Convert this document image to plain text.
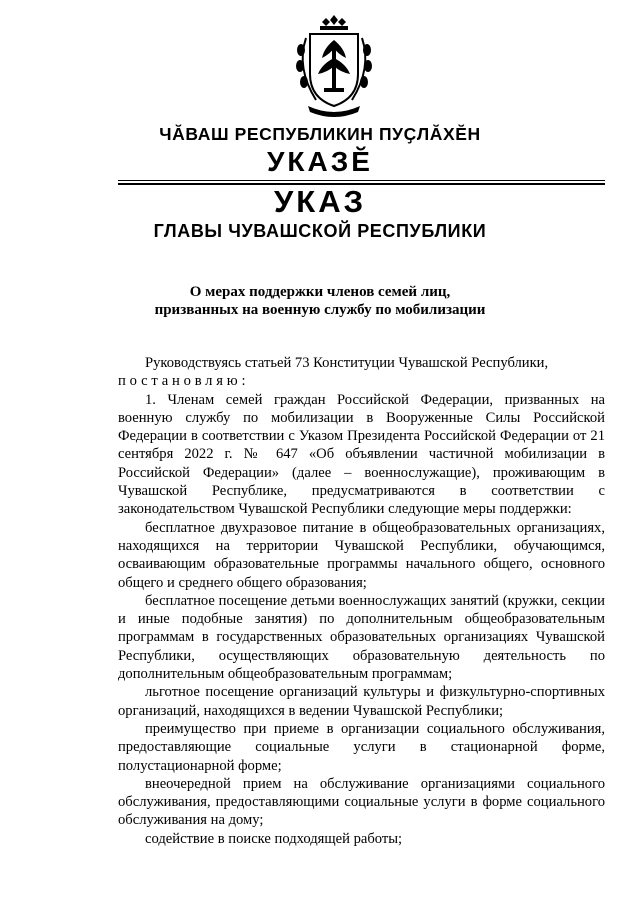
ЧĂВАШ РЕСПУБЛИКИН ПУҪЛĂХĔН
УКАЗĔ
УКАЗ
ГЛАВЫ ЧУВАШСКОЙ РЕСПУБЛИКИ
О мерах поддержки членов семей лиц,
призванных на военную службу по мобилизации

Руководствуясь статьей 73 Конституции Чувашской Республики,

постановляю:

1. Членам семей граждан Российской Федерации, призванных на военную службу по мобилизации в Вооруженные Силы Российской Федерации в соответствии с Указом Президента Российской Федерации от 21 сентября 2022 г. № 647 «Об объявлении частичной мобилизации в Российской Федерации» (далее – военнослужащие), проживающим в Чувашской Республике, предусматриваются в соответствии с законодательством Чувашской Республики следующие меры поддержки:

бесплатное двухразовое питание в общеобразовательных организациях, находящихся на территории Чувашской Республики, обучающимся, осваивающим образовательные программы начального общего, основного общего и среднего общего образования;

бесплатное посещение детьми военнослужащих занятий (кружки, секции и иные подобные занятия) по дополнительным общеобразовательным программам в государственных образовательных организациях Чувашской Республики, осуществляющих образовательную деятельность по дополнительным общеобразовательным программам;

льготное посещение организаций культуры и физкультурно-спортивных организаций, находящихся в ведении Чувашской Республики;

преимущество при приеме в организации социального обслуживания, предоставляющие социальные услуги в стационарной форме, полустационарной форме;

внеочередной прием на обслуживание организациями социального обслуживания, предоставляющими социальные услуги в форме социального обслуживания на дому;

содействие в поиске подходящей работы;
